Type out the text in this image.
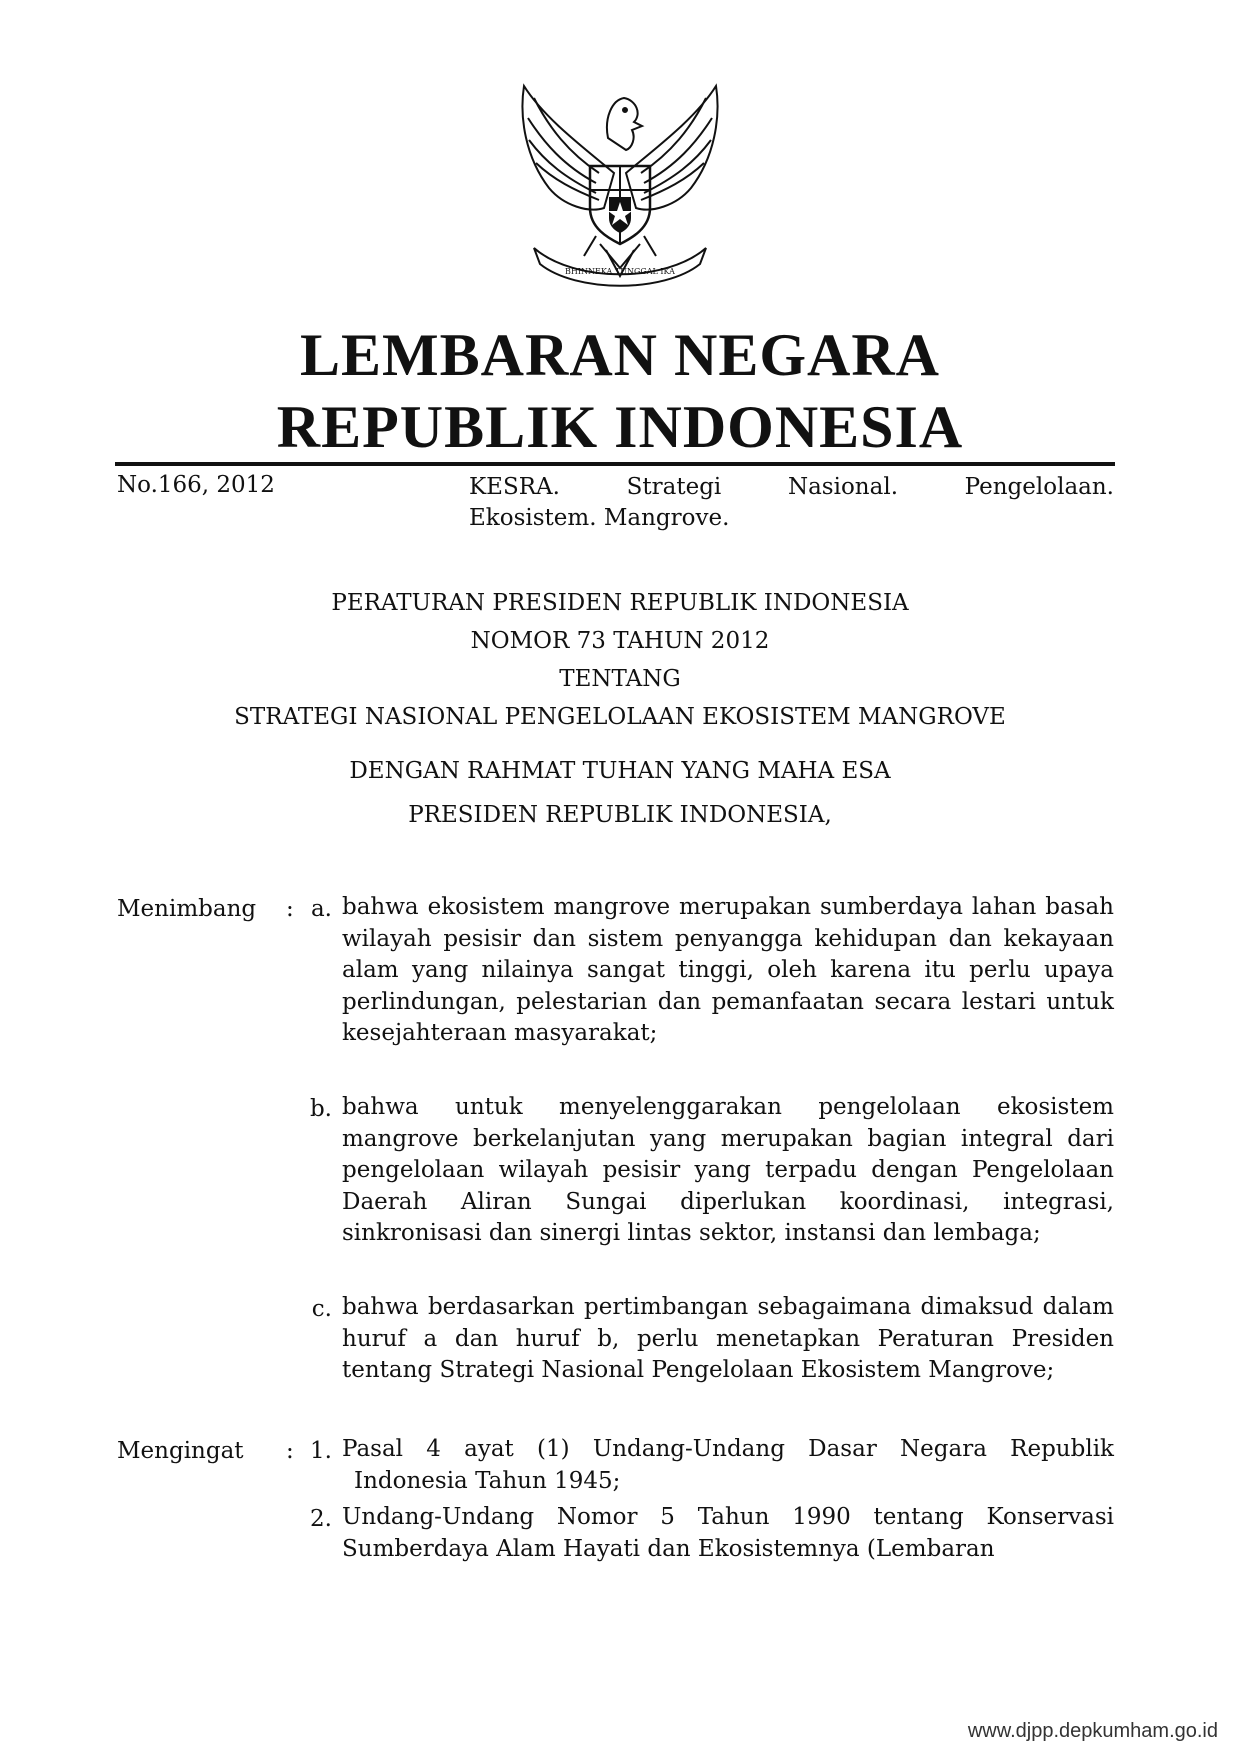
BHINNEKA TUNGGAL IKA
LEMBARAN NEGARA
REPUBLIK INDONESIA
No.166, 2012	KESRA. Strategi Nasional. Pengelolaan.
Ekosistem. Mangrove.
PERATURAN PRESIDEN REPUBLIK INDONESIA
NOMOR 73 TAHUN 2012
TENTANG
STRATEGI NASIONAL PENGELOLAAN EKOSISTEM MANGROVE
DENGAN RAHMAT TUHAN YANG MAHA ESA
PRESIDEN REPUBLIK INDONESIA,
Menimbang : a. bahwa ekosistem mangrove merupakan sumberdaya lahan basah wilayah pesisir dan sistem penyangga kehidupan dan kekayaan alam yang nilainya sangat tinggi, oleh karena itu perlu upaya perlindungan, pelestarian dan pemanfaatan secara lestari untuk kesejahteraan masyarakat;
b. bahwa untuk menyelenggarakan pengelolaan ekosistem mangrove berkelanjutan yang merupakan bagian integral dari pengelolaan wilayah pesisir yang terpadu dengan Pengelolaan Daerah Aliran Sungai diperlukan koordinasi, integrasi, sinkronisasi dan sinergi lintas sektor, instansi dan lembaga;
c. bahwa berdasarkan pertimbangan sebagaimana dimaksud dalam huruf a dan huruf b, perlu menetapkan Peraturan Presiden tentang Strategi Nasional Pengelolaan Ekosistem Mangrove;
Mengingat : 1. Pasal 4 ayat (1) Undang-Undang Dasar Negara Republik
Indonesia Tahun 1945;
2. Undang-Undang Nomor 5 Tahun 1990 tentang Konservasi Sumberdaya Alam Hayati dan Ekosistemnya (Lembaran
www.djpp.depkumham.go.id
